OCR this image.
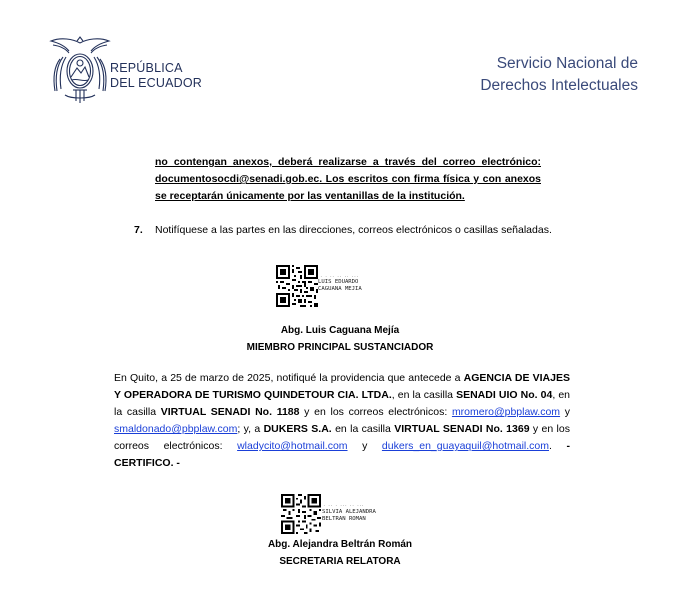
REPÚBLICA
DEL ECUADOR
Servicio Nacional de
Derechos Intelectuales
no contengan anexos, deberá realizarse a través del correo electrónico: documentosocdi@senadi.gob.ec. Los escritos con firma física y con anexos se receptarán únicamente por las ventanillas de la institución.
7. Notifíquese a las partes en las direcciones, correos electrónicos o casillas señaladas.
· · ·· ·· ·· ···
LUIS EDUARDO
CAGUANA MEJIA
Abg. Luis Caguana Mejía
MIEMBRO PRINCIPAL SUSTANCIADOR
En Quito, a 25 de marzo de 2025, notifiqué la providencia que antecede a AGENCIA DE VIAJES Y OPERADORA DE TURISMO QUINDETOUR CIA. LTDA., en la casilla SENADI UIO No. 04, en la casilla VIRTUAL SENADI No. 1188 y en los correos electrónicos: mromero@pbplaw.com y smaldonado@pbplaw.com; y, a DUKERS S.A. en la casilla VIRTUAL SENADI No. 1369 y en los correos electrónicos: wladycito@hotmail.com y dukers_en_guayaquil@hotmail.com. - CERTIFICO. -
· ·· · ··· ·· ···
SILVIA ALEJANDRA
BELTRAN ROMAN
Abg. Alejandra Beltrán Román
SECRETARIA RELATORA
